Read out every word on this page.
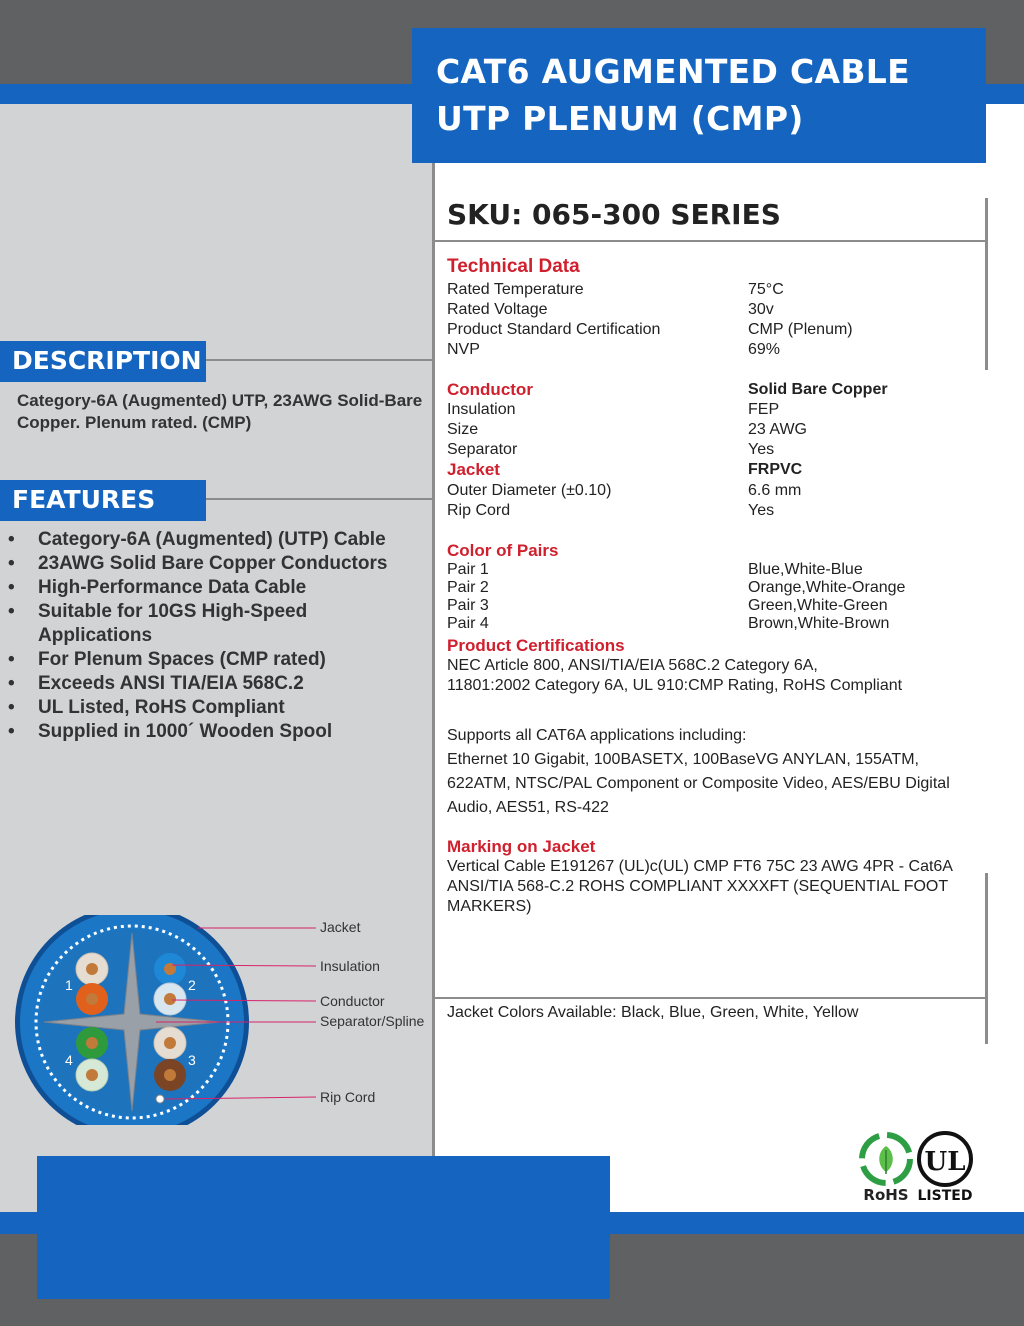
CAT6 AUGMENTED CABLE
UTP PLENUM (CMP)
SKU: 065-300 SERIES
Technical Data
Rated Temperature	75°C
Rated Voltage	30v
Product Standard Certification	CMP (Plenum)
NVP	69%
Conductor	Solid Bare Copper
Insulation	FEP
Size	23 AWG
Separator	Yes
Jacket	FRPVC
Outer Diameter (±0.10)	6.6 mm
Rip Cord	Yes
Color of Pairs
Pair 1	Blue,White-Blue
Pair 2	Orange,White-Orange
Pair 3	Green,White-Green
Pair 4	Brown,White-Brown
Product Certifications
NEC Article 800, ANSI/TIA/EIA 568C.2 Category 6A,
11801:2002 Category 6A, UL 910:CMP Rating, RoHS Compliant
Supports all CAT6A applications including:
Ethernet 10 Gigabit, 100BASETX, 100BaseVG ANYLAN, 155ATM,
622ATM, NTSC/PAL Component or Composite Video, AES/EBU Digital
Audio, AES51, RS-422
Marking on Jacket
Vertical Cable E191267 (UL)c(UL) CMP FT6 75C 23 AWG 4PR - Cat6A
ANSI/TIA 568-C.2 ROHS COMPLIANT XXXXFT (SEQUENTIAL FOOT
MARKERS)
Jacket Colors Available: Black, Blue, Green, White, Yellow
DESCRIPTION
Category-6A (Augmented) UTP, 23AWG Solid-Bare Copper. Plenum rated. (CMP)
FEATURES
• Category-6A (Augmented) (UTP) Cable
• 23AWG Solid Bare Copper Conductors
• High-Performance Data Cable
• Suitable for 10GS High-Speed Applications
• For Plenum Spaces (CMP rated)
• Exceeds ANSI TIA/EIA 568C.2
• UL Listed, RoHS Compliant
• Supplied in 1000´ Wooden Spool
1	2
3
4
Jacket
Insulation
Conductor
Separator/Spline
Rip Cord
RoHS
UL
LISTED
